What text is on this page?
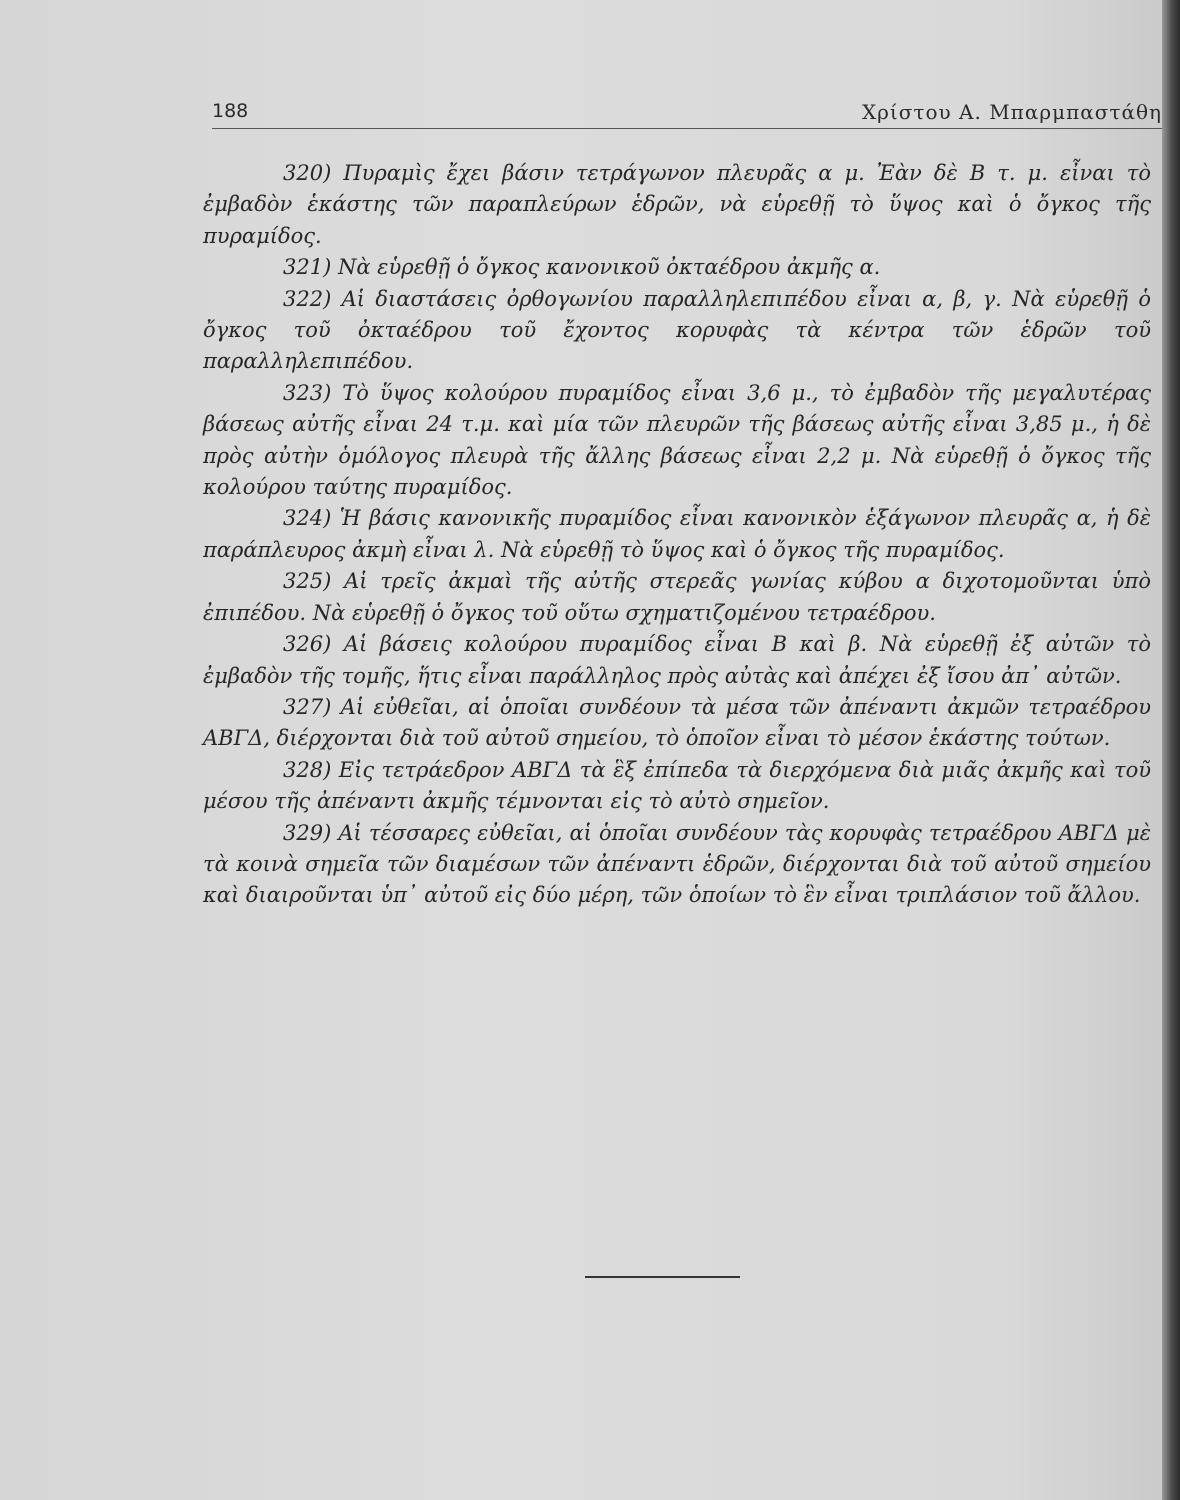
188	Χρίστου Α. Μπαρμπαστάθη

320) Πυραμὶς ἔχει βάσιν τετράγωνον πλευρᾶς α μ. Ἐὰν δὲ Β τ. μ. εἶναι τὸ ἐμβαδὸν ἑκάστης τῶν παραπλεύρων ἑδρῶν, νὰ εὑρεθῇ τὸ ὕψος καὶ ὁ ὄγκος τῆς πυραμίδος.

321) Νὰ εὑρεθῇ ὁ ὄγκος κανονικοῦ ὀκταέδρου ἀκμῆς α.

322) Αἱ διαστάσεις ὀρθογωνίου παραλληλεπιπέδου εἶναι α, β, γ. Νὰ εὑρεθῇ ὁ ὄγκος τοῦ ὀκταέδρου τοῦ ἔχοντος κορυφὰς τὰ κέντρα τῶν ἑδρῶν τοῦ παραλληλεπιπέδου.

323) Τὸ ὕψος κολούρου πυραμίδος εἶναι 3,6 μ., τὸ ἐμβαδὸν τῆς μεγαλυτέρας βάσεως αὐτῆς εἶναι 24 τ.μ. καὶ μία τῶν πλευρῶν τῆς βάσεως αὐτῆς εἶναι 3,85 μ., ἡ δὲ πρὸς αὐτὴν ὁμόλογος πλευρὰ τῆς ἄλλης βάσεως εἶναι 2,2 μ. Νὰ εὑρεθῇ ὁ ὄγκος τῆς κολούρου ταύτης πυραμίδος.

324) Ἡ βάσις κανονικῆς πυραμίδος εἶναι κανονικὸν ἑξάγωνον πλευρᾶς α, ἡ δὲ παράπλευρος ἀκμὴ εἶναι λ. Νὰ εὑρεθῇ τὸ ὕψος καὶ ὁ ὄγκος τῆς πυραμίδος.

325) Αἱ τρεῖς ἀκμαὶ τῆς αὐτῆς στερεᾶς γωνίας κύβου α διχοτομοῦνται ὑπὸ ἐπιπέδου. Νὰ εὑρεθῇ ὁ ὄγκος τοῦ οὕτω σχηματιζομένου τετραέδρου.

326) Αἱ βάσεις κολούρου πυραμίδος εἶναι Β καὶ β. Νὰ εὑρεθῇ ἐξ αὐτῶν τὸ ἐμβαδὸν τῆς τομῆς, ἥτις εἶναι παράλληλος πρὸς αὐτὰς καὶ ἀπέχει ἐξ ἴσου ἀπ᾽ αὐτῶν.

327) Αἱ εὐθεῖαι, αἱ ὁποῖαι συνδέουν τὰ μέσα τῶν ἀπέναντι ἀκμῶν τετραέδρου ΑΒΓΔ, διέρχονται διὰ τοῦ αὐτοῦ σημείου, τὸ ὁποῖον εἶναι τὸ μέσον ἑκάστης τούτων.

328) Εἰς τετράεδρον ΑΒΓΔ τὰ ἓξ ἐπίπεδα τὰ διερχόμενα διὰ μιᾶς ἀκμῆς καὶ τοῦ μέσου τῆς ἀπέναντι ἀκμῆς τέμνονται εἰς τὸ αὐτὸ σημεῖον.

329) Αἱ τέσσαρες εὐθεῖαι, αἱ ὁποῖαι συνδέουν τὰς κορυφὰς τετραέδρου ΑΒΓΔ μὲ τὰ κοινὰ σημεῖα τῶν διαμέσων τῶν ἀπέναντι ἑδρῶν, διέρχονται διὰ τοῦ αὐτοῦ σημείου καὶ διαιροῦνται ὑπ᾽ αὐτοῦ εἰς δύο μέρη, τῶν ὁποίων τὸ ἓν εἶναι τριπλάσιον τοῦ ἄλλου.
